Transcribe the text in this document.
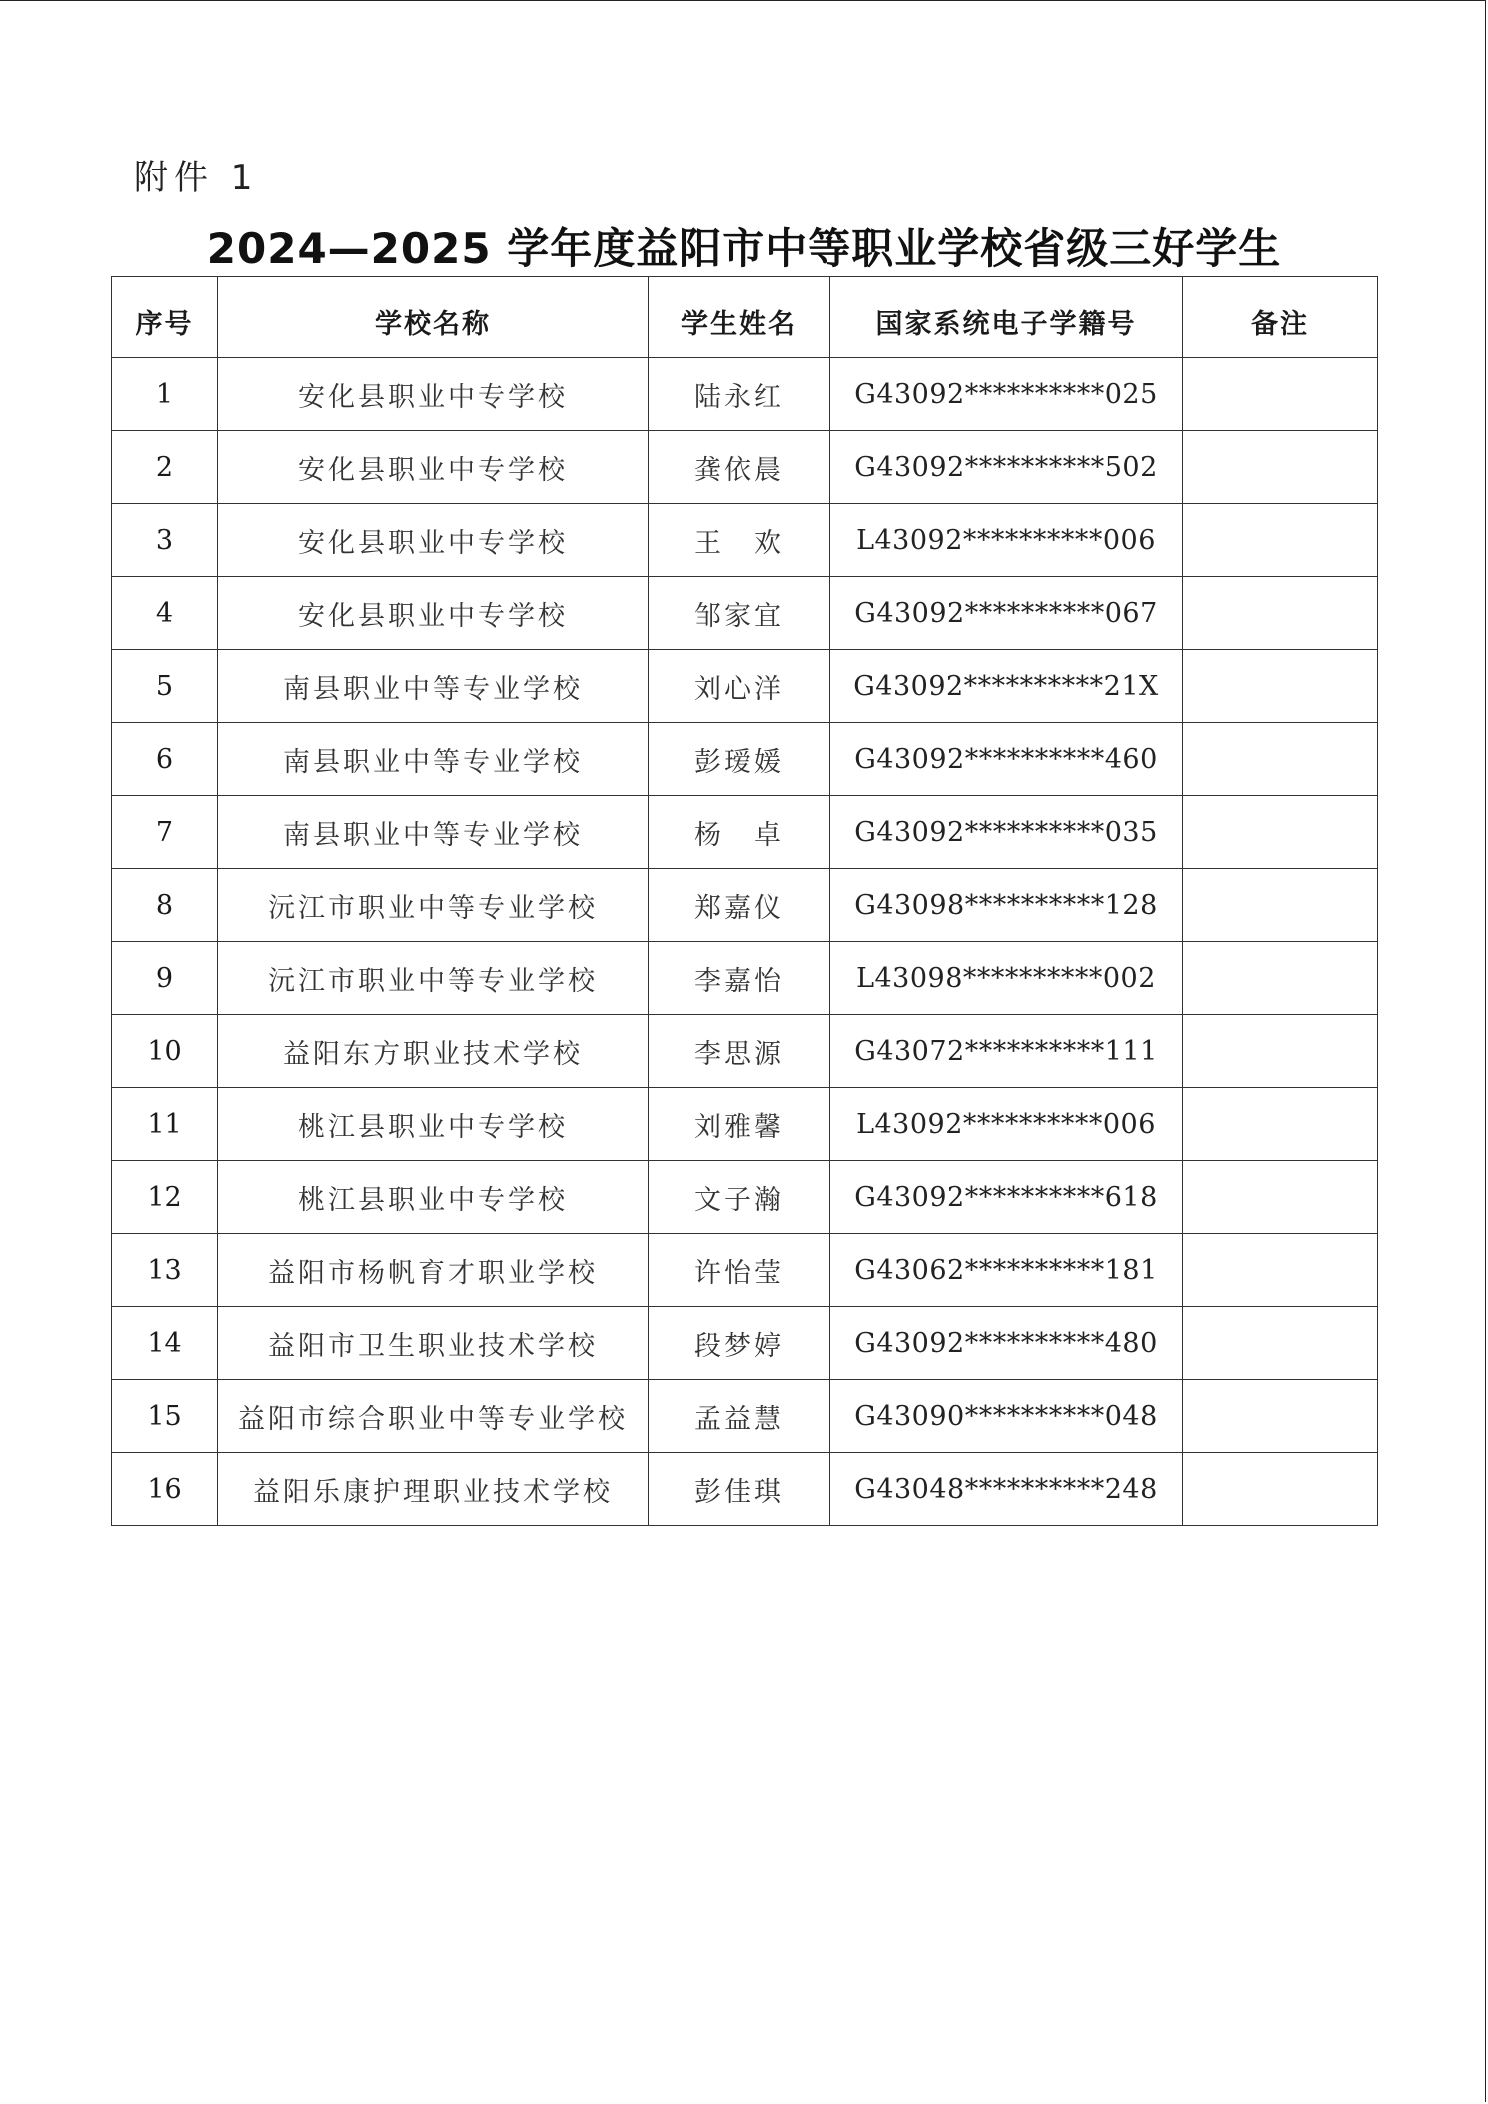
附件 1
2024—2025 学年度益阳市中等职业学校省级三好学生
序号	学校名称	学生姓名	国家系统电子学籍号	备注
1	安化县职业中专学校	陆永红	G43092**********025	
2	安化县职业中专学校	龚依晨	G43092**********502	
3	安化县职业中专学校	王　欢	L43092**********006	
4	安化县职业中专学校	邹家宜	G43092**********067	
5	南县职业中等专业学校	刘心洋	G43092**********21X	
6	南县职业中等专业学校	彭瑷媛	G43092**********460	
7	南县职业中等专业学校	杨　卓	G43092**********035	
8	沅江市职业中等专业学校	郑嘉仪	G43098**********128	
9	沅江市职业中等专业学校	李嘉怡	L43098**********002	
10	益阳东方职业技术学校	李思源	G43072**********111	
11	桃江县职业中专学校	刘雅馨	L43092**********006	
12	桃江县职业中专学校	文子瀚	G43092**********618	
13	益阳市杨帆育才职业学校	许怡莹	G43062**********181	
14	益阳市卫生职业技术学校	段梦婷	G43092**********480	
15	益阳市综合职业中等专业学校	孟益慧	G43090**********048	
16	益阳乐康护理职业技术学校	彭佳琪	G43048**********248	
